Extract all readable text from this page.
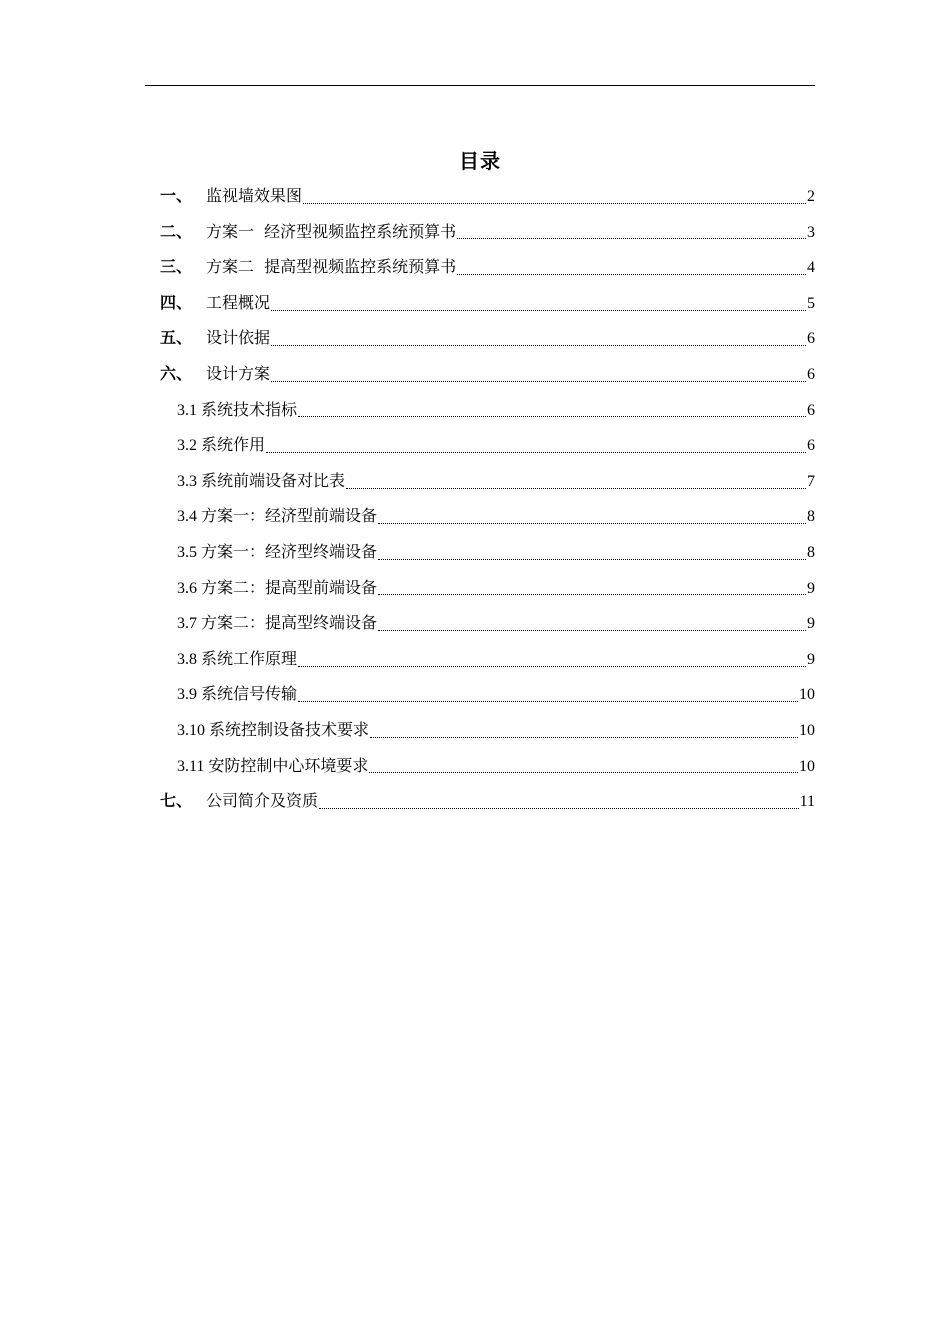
目录
一、 监视墙效果图	2
二、 方案一  经济型视频监控系统预算书	3
三、 方案二  提高型视频监控系统预算书	4
四、 工程概况	5
五、 设计依据	6
六、 设计方案	6
3.1 系统技术指标	6
3.2 系统作用	6
3.3 系统前端设备对比表	7
3.4 方案一：经济型前端设备	8
3.5 方案一：经济型终端设备	8
3.6 方案二：提高型前端设备	9
3.7 方案二：提高型终端设备	9
3.8 系统工作原理	9
3.9 系统信号传输	10
3.10 系统控制设备技术要求	10
3.11 安防控制中心环境要求	10
七、 公司简介及资质	11
